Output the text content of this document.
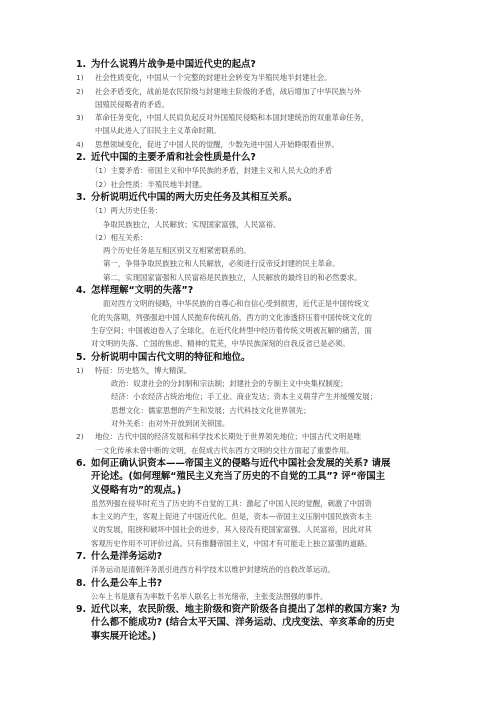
1. 为什么说鸦片战争是中国近代史的起点?
1) 社会性质变化，中国从一个完整的封建社会转变为半殖民地半封建社会。
2) 社会矛盾变化，战前是农民阶级与封建地主阶级的矛盾，战后增加了中华民族与外
国殖民侵略者的矛盾。
3) 革命任务变化，中国人民肩负起反对外国殖民侵略和本国封建统治的双重革命任务，
中国从此进入了旧民主主义革命时期。
4) 思想领域变化，促进了中国人民的觉醒，少数先进中国人开始睁眼看世界。
2. 近代中国的主要矛盾和社会性质是什么?
（1）主要矛盾：帝国主义和中华民族的矛盾，封建主义和人民大众的矛盾
（2）社会性质：半殖民地半封建。
3. 分析说明近代中国的两大历史任务及其相互关系。
（1）两大历史任务：
争取民族独立，人民解放；实现国家富强，人民富裕。
（2）相互关系：
两个历史任务是互相区别又互相紧密联系的。
第一，争得争取民族独立和人民解放，必须进行反帝反封建的民主革命。
第二，实现国家富强和人民富裕是民族独立，人民解放的最终目的和必然要求。
4. 怎样理解“文明的失落”?
面对西方文明的侵略，中华民族的自尊心和自信心受到损害，近代正是中国传统文
化的失落期，列强强迫中国人民抛弃传统礼俗，西方的文化渗透挤压着中国传统文化的
生存空间；中国被迫卷入了全球化，在近代化转型中经历着传统文明被瓦解的痛苦，面
对文明的失落、亡国的焦虑、精神的荒芜，中华民族深刻的自我反省已是必须。
5. 分析说明中国古代文明的特征和地位。
1) 特征：历史悠久，博大精深。
政治：奴隶社会的分封制和宗法制；封建社会的专制主义中央集权制度；
经济：小农经济占统治地位；手工业、商业发达；资本主义萌芽产生并缓慢发展；
思想文化：儒家思想的产生和发展；古代科技文化世界领先；
对外关系：由对外开放到闭关锁国。
2) 地位：古代中国的经济发展和科学技术长期处于世界领先地位；中国古代文明是唯
一文化传承未曾中断的文明，在促成古代东西方文明的交往方面起了重要作用。
6. 如何正确认识资本——帝国主义的侵略与近代中国社会发展的关系? 请展
开论述。(如何理解“殖民主义充当了历史的不自觉的工具”? 评“帝国主
义侵略有功”的观点。)
虽然列强在侵华时充当了历史的不自觉的工具：激起了中国人民的觉醒，刺激了中国资
本主义的产生，客观上促进了中国近代化。但是，资本—帝国主义压制中国民族资本主
义的发展，阻挠和破坏中国社会的进步，其入侵没有使国家富强、人民富裕，因此对其
客观历史作用不可评价过高。只有推翻帝国主义，中国才有可能走上独立富强的道路。
7. 什么是洋务运动?
洋务运动是清朝洋务派引进西方科学技术以维护封建统治的自救改革运动。
8. 什么是公车上书?
公车上书是康有为率数千名举人联名上书光绪帝，主张变法图强的事件。
9. 近代以来，农民阶级、地主阶级和资产阶级各自提出了怎样的救国方案? 为
什么都不能成功? (结合太平天国、洋务运动、戊戌变法、辛亥革命的历史
事实展开论述。)
